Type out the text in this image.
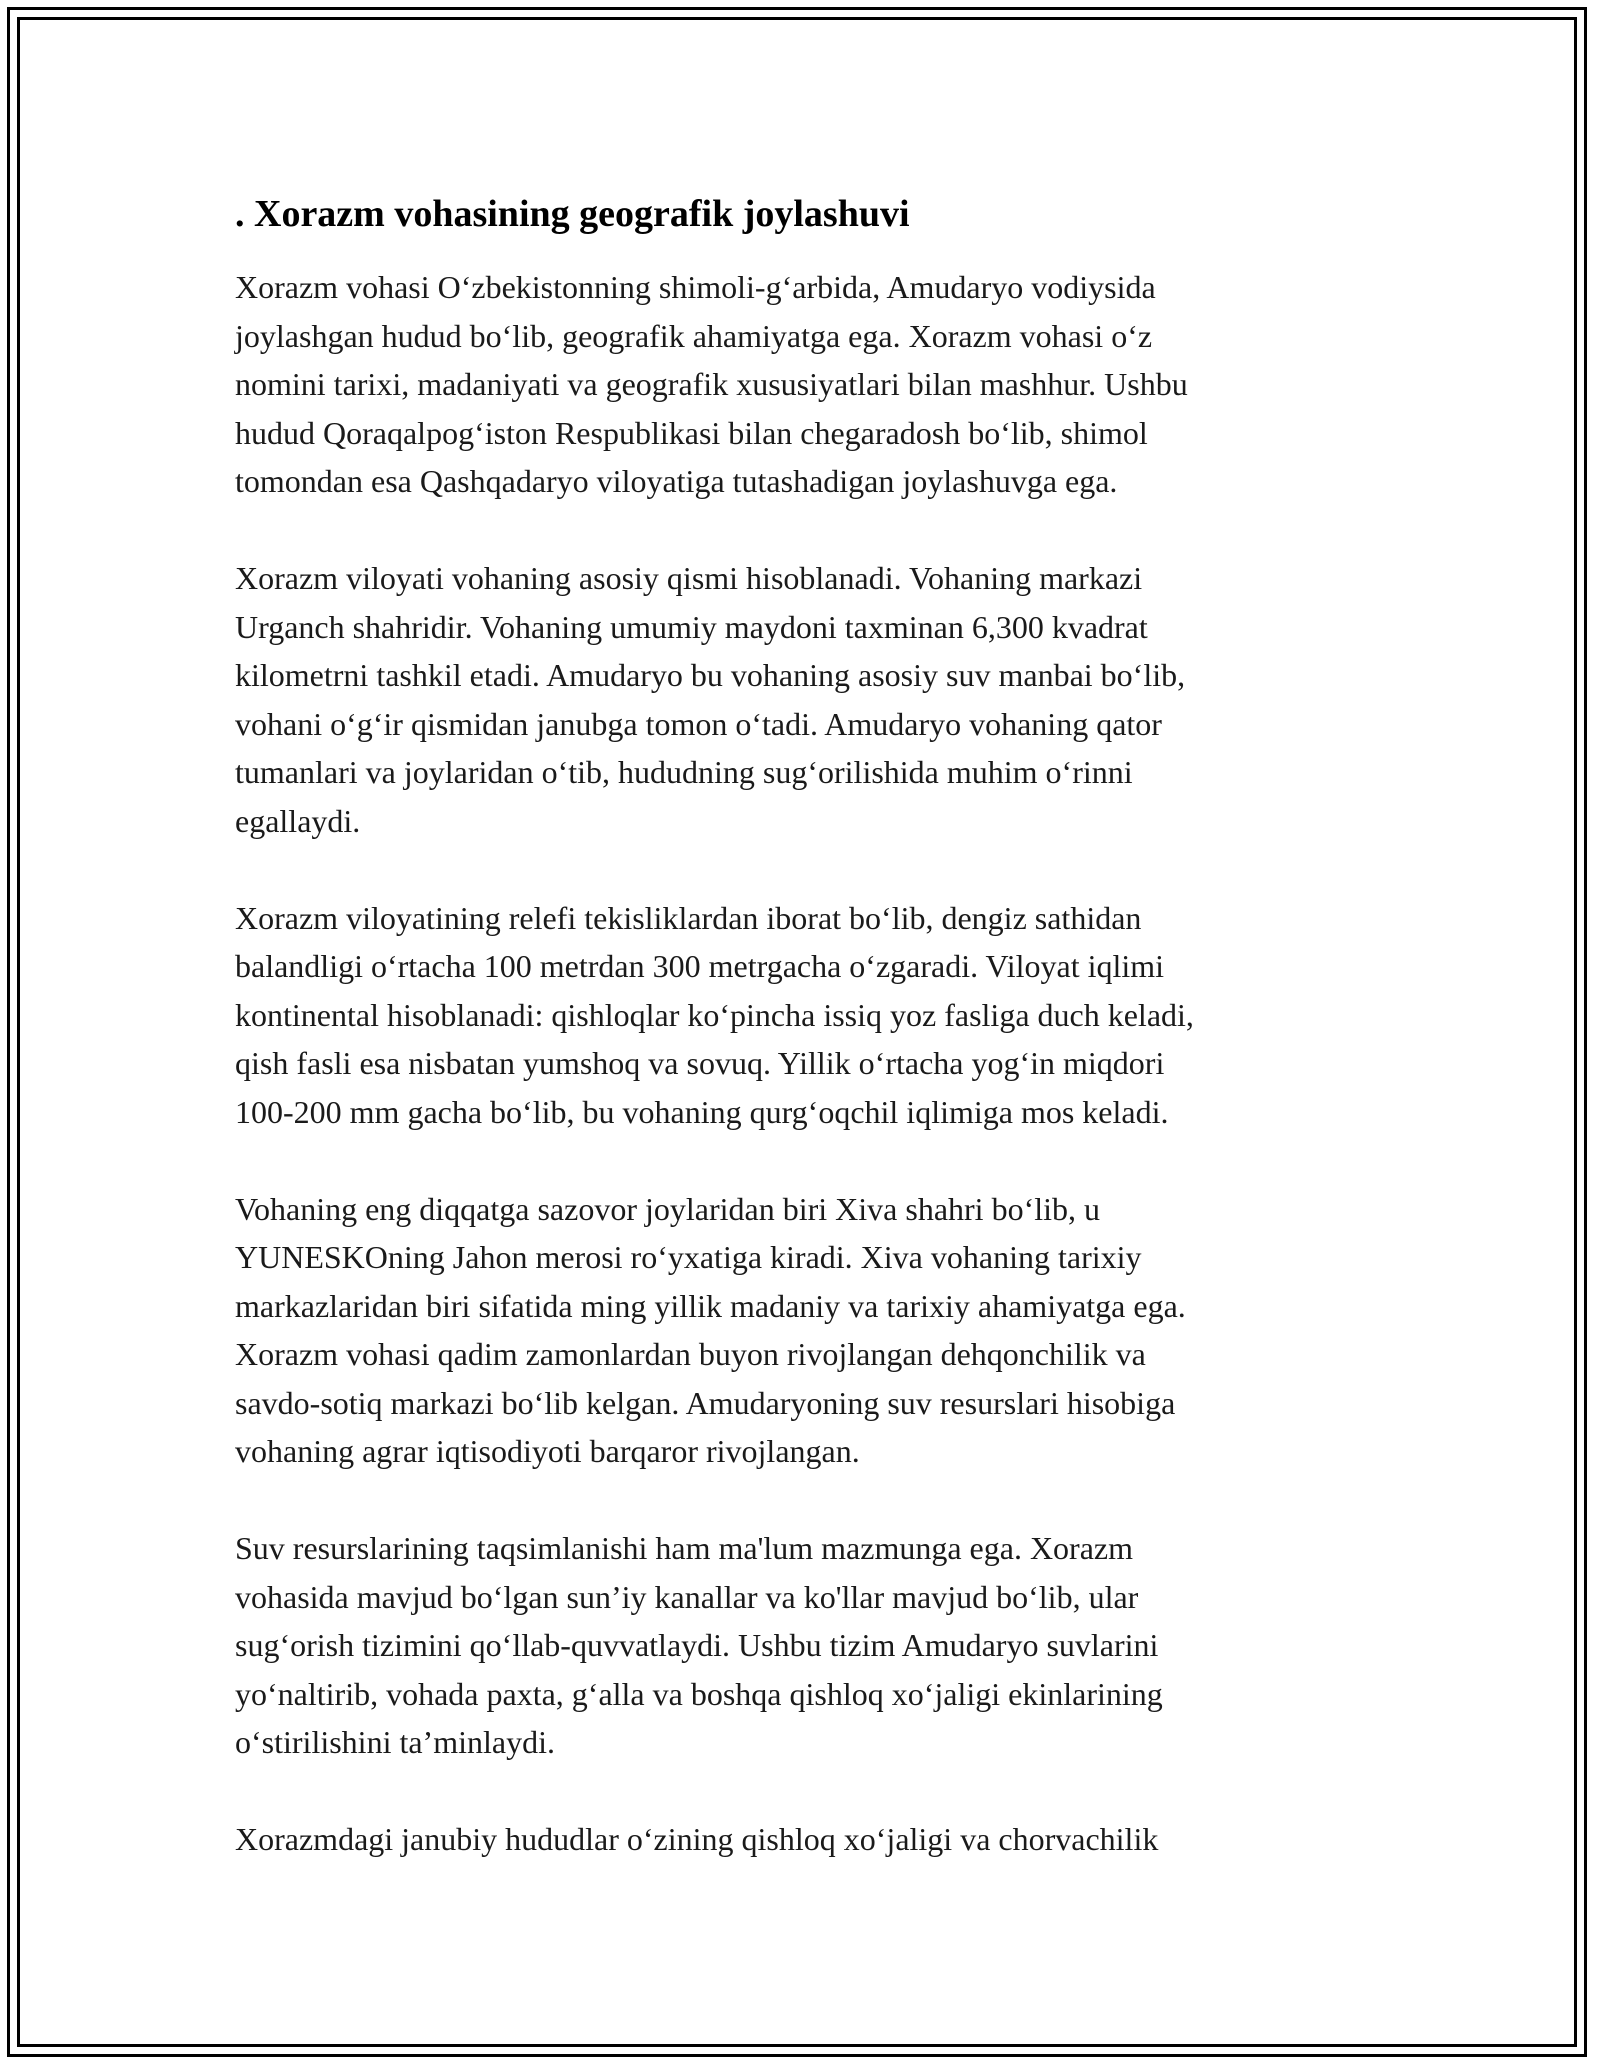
. Xorazm vohasining geografik joylashuvi

Xorazm vohasi O‘zbekistonning shimoli-g‘arbida, Amudaryo vodiysida
joylashgan hudud bo‘lib, geografik ahamiyatga ega. Xorazm vohasi o‘z
nomini tarixi, madaniyati va geografik xususiyatlari bilan mashhur. Ushbu
hudud Qoraqalpog‘iston Respublikasi bilan chegaradosh bo‘lib, shimol
tomondan esa Qashqadaryo viloyatiga tutashadigan joylashuvga ega.

Xorazm viloyati vohaning asosiy qismi hisoblanadi. Vohaning markazi
Urganch shahridir. Vohaning umumiy maydoni taxminan 6,300 kvadrat
kilometrni tashkil etadi. Amudaryo bu vohaning asosiy suv manbai bo‘lib,
vohani o‘g‘ir qismidan janubga tomon o‘tadi. Amudaryo vohaning qator
tumanlari va joylaridan o‘tib, hududning sug‘orilishida muhim o‘rinni
egallaydi.

Xorazm viloyatining relefi tekisliklardan iborat bo‘lib, dengiz sathidan
balandligi o‘rtacha 100 metrdan 300 metrgacha o‘zgaradi. Viloyat iqlimi
kontinental hisoblanadi: qishloqlar ko‘pincha issiq yoz fasliga duch keladi,
qish fasli esa nisbatan yumshoq va sovuq. Yillik o‘rtacha yog‘in miqdori
100-200 mm gacha bo‘lib, bu vohaning qurg‘oqchil iqlimiga mos keladi.

Vohaning eng diqqatga sazovor joylaridan biri Xiva shahri bo‘lib, u
YUNESKOning Jahon merosi ro‘yxatiga kiradi. Xiva vohaning tarixiy
markazlaridan biri sifatida ming yillik madaniy va tarixiy ahamiyatga ega.
Xorazm vohasi qadim zamonlardan buyon rivojlangan dehqonchilik va
savdo-sotiq markazi bo‘lib kelgan. Amudaryoning suv resurslari hisobiga
vohaning agrar iqtisodiyoti barqaror rivojlangan.

Suv resurslarining taqsimlanishi ham ma'lum mazmunga ega. Xorazm
vohasida mavjud bo‘lgan sun’iy kanallar va ko'llar mavjud bo‘lib, ular
sug‘orish tizimini qo‘llab-quvvatlaydi. Ushbu tizim Amudaryo suvlarini
yo‘naltirib, vohada paxta, g‘alla va boshqa qishloq xo‘jaligi ekinlarining
o‘stirilishini ta’minlaydi.

Xorazmdagi janubiy hududlar o‘zining qishloq xo‘jaligi va chorvachilik
